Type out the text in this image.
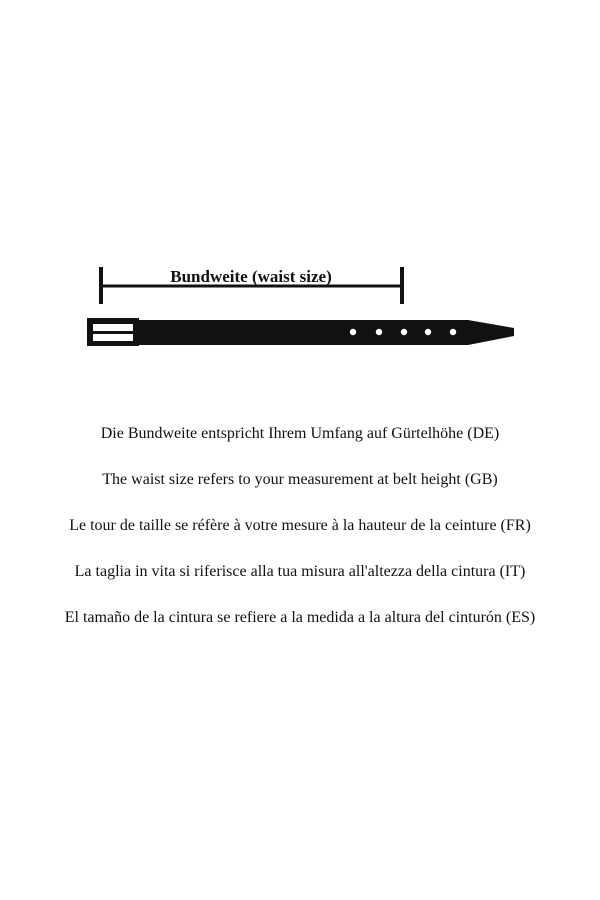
Bundweite (waist size)
Die Bundweite entspricht Ihrem Umfang auf Gürtelhöhe (DE)
The waist size refers to your measurement at belt height (GB)
Le tour de taille se réfère à votre mesure à la hauteur de la ceinture (FR)
La taglia in vita si riferisce alla tua misura all'altezza della cintura (IT)
El tamaño de la cintura se refiere a la medida a la altura del cinturón (ES)
